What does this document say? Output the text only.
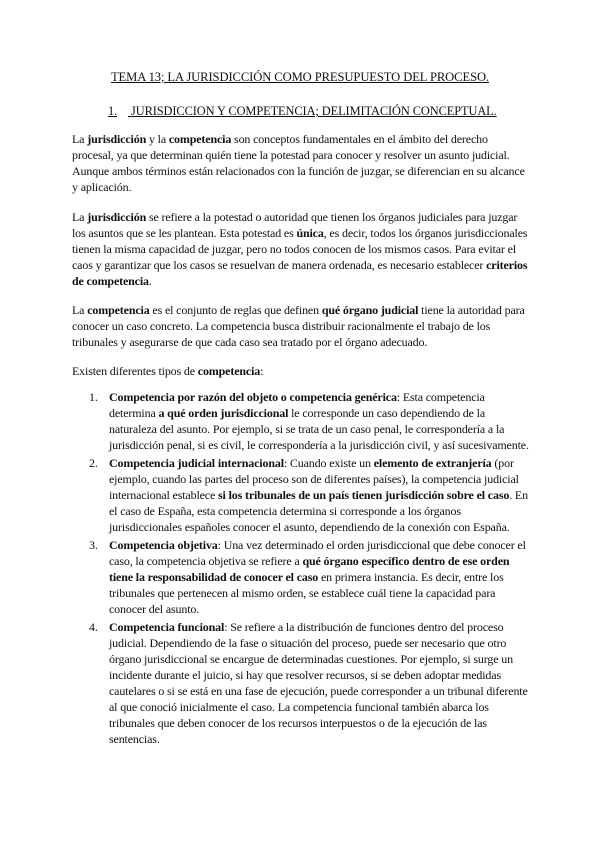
TEMA 13; LA JURISDICCIÓN COMO PRESUPUESTO DEL PROCESO.
1. JURISDICCION Y COMPETENCIA; DELIMITACIÓN CONCEPTUAL.

La jurisdicción y la competencia son conceptos fundamentales en el ámbito del derecho procesal, ya que determinan quién tiene la potestad para conocer y resolver un asunto judicial. Aunque ambos términos están relacionados con la función de juzgar, se diferencian en su alcance y aplicación.

La jurisdicción se refiere a la potestad o autoridad que tienen los órganos judiciales para juzgar los asuntos que se les plantean. Esta potestad es única, es decir, todos los órganos jurisdiccionales tienen la misma capacidad de juzgar, pero no todos conocen de los mismos casos. Para evitar el caos y garantizar que los casos se resuelvan de manera ordenada, es necesario establecer criterios de competencia.

La competencia es el conjunto de reglas que definen qué órgano judicial tiene la autoridad para conocer un caso concreto. La competencia busca distribuir racionalmente el trabajo de los tribunales y asegurarse de que cada caso sea tratado por el órgano adecuado.

Existen diferentes tipos de competencia:

1. Competencia por razón del objeto o competencia genérica: Esta competencia determina a qué orden jurisdiccional le corresponde un caso dependiendo de la naturaleza del asunto. Por ejemplo, si se trata de un caso penal, le correspondería a la jurisdicción penal, si es civil, le correspondería a la jurisdicción civil, y así sucesivamente.
2. Competencia judicial internacional: Cuando existe un elemento de extranjería (por ejemplo, cuando las partes del proceso son de diferentes países), la competencia judicial internacional establece si los tribunales de un país tienen jurisdicción sobre el caso. En el caso de España, esta competencia determina si corresponde a los órganos jurisdiccionales españoles conocer el asunto, dependiendo de la conexión con España.
3. Competencia objetiva: Una vez determinado el orden jurisdiccional que debe conocer el caso, la competencia objetiva se refiere a qué órgano específico dentro de ese orden tiene la responsabilidad de conocer el caso en primera instancia. Es decir, entre los tribunales que pertenecen al mismo orden, se establece cuál tiene la capacidad para conocer del asunto.
4. Competencia funcional: Se refiere a la distribución de funciones dentro del proceso judicial. Dependiendo de la fase o situación del proceso, puede ser necesario que otro órgano jurisdiccional se encargue de determinadas cuestiones. Por ejemplo, si surge un incidente durante el juicio, si hay que resolver recursos, si se deben adoptar medidas cautelares o si se está en una fase de ejecución, puede corresponder a un tribunal diferente al que conoció inicialmente el caso. La competencia funcional también abarca los tribunales que deben conocer de los recursos interpuestos o de la ejecución de las sentencias.
